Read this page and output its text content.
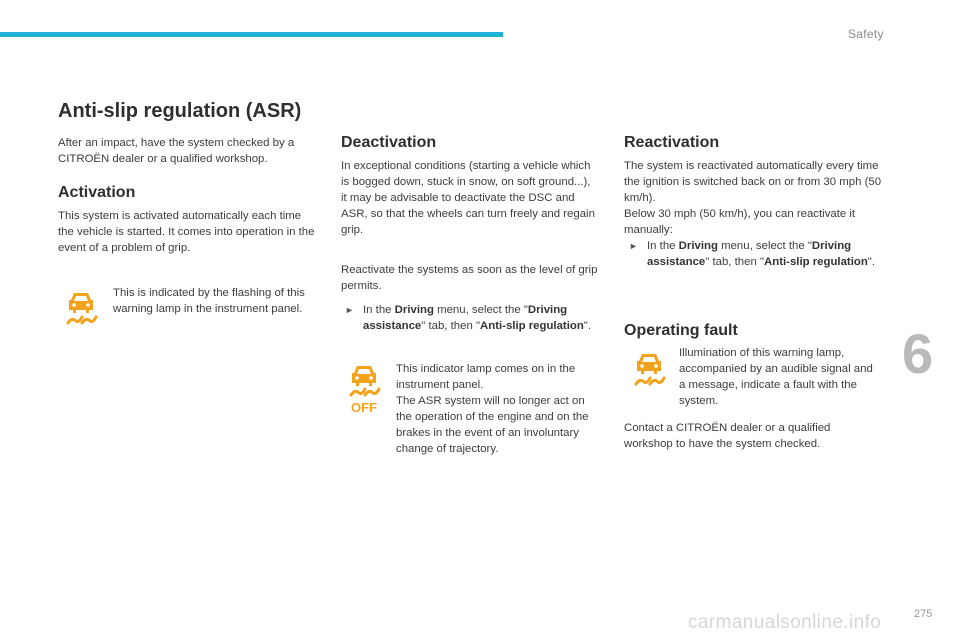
Safety
6
275
carmanualsonline.info
Anti-slip regulation (ASR)

After an impact, have the system checked by a CITROËN dealer or a qualified workshop.

Activation

This system is activated automatically each time the vehicle is started. It comes into operation in the event of a problem of grip.

This is indicated by the flashing of this warning lamp in the instrument panel.

Deactivation

In exceptional conditions (starting a vehicle which is bogged down, stuck in snow, on soft ground...), it may be advisable to deactivate the DSC and ASR, so that the wheels can turn freely and regain grip.

Reactivate the systems as soon as the level of grip permits.

► In the Driving menu, select the "Driving assistance" tab, then "Anti-slip regulation".
OFF

This indicator lamp comes on in the instrument panel.

The ASR system will no longer act on the operation of the engine and on the brakes in the event of an involuntary change of trajectory.

Reactivation

The system is reactivated automatically every time the ignition is switched back on or from 30 mph (50 km/h).

Below 30 mph (50 km/h), you can reactivate it manually:

► In the Driving menu, select the "Driving assistance" tab, then "Anti-slip regulation".
Operating fault

Illumination of this warning lamp, accompanied by an audible signal and a message, indicate a fault with the system.

Contact a CITROËN dealer or a qualified workshop to have the system checked.
